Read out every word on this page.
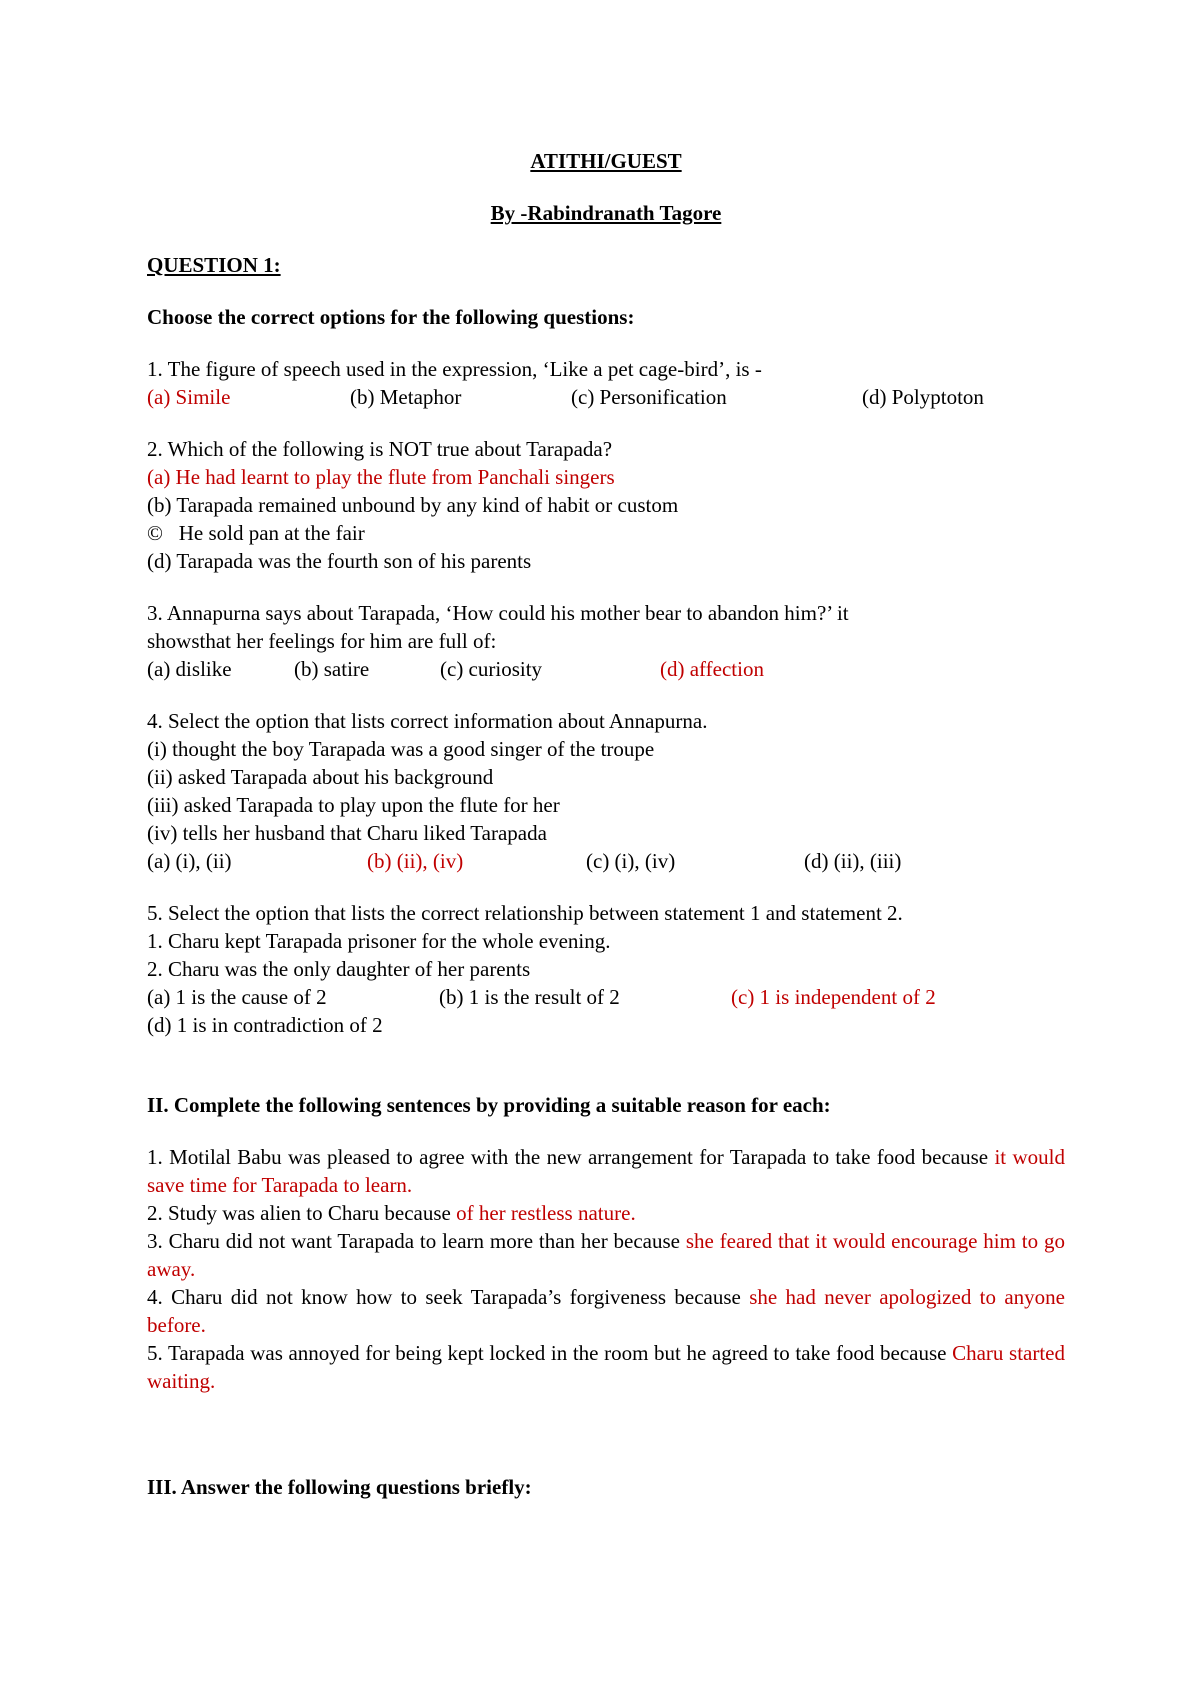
ATITHI/GUEST
By -Rabindranath Tagore
QUESTION 1:
Choose the correct options for the following questions:
1. The figure of speech used in the expression, ‘Like a pet cage-bird’, is -
(a) Simile	(b) Metaphor	(c) Personification	(d) Polyptoton
2. Which of the following is NOT true about Tarapada?
(a) He had learnt to play the flute from Panchali singers
(b) Tarapada remained unbound by any kind of habit or custom
©   He sold pan at the fair
(d) Tarapada was the fourth son of his parents
3. Annapurna says about Tarapada, ‘How could his mother bear to abandon him?’ it
showsthat her feelings for him are full of:
(a) dislike	(b) satire	(c) curiosity	(d) affection
4. Select the option that lists correct information about Annapurna.
(i) thought the boy Tarapada was a good singer of the troupe
(ii) asked Tarapada about his background
(iii) asked Tarapada to play upon the flute for her
(iv) tells her husband that Charu liked Tarapada
(a) (i), (ii)	(b) (ii), (iv)	(c) (i), (iv)	(d) (ii), (iii)
5. Select the option that lists the correct relationship between statement 1 and statement 2.
1. Charu kept Tarapada prisoner for the whole evening.
2. Charu was the only daughter of her parents
(a) 1 is the cause of 2	(b) 1 is the result of 2	(c) 1 is independent of 2
(d) 1 is in contradiction of 2
II. Complete the following sentences by providing a suitable reason for each:

1. Motilal Babu was pleased to agree with the new arrangement for Tarapada to take food because it would save time for Tarapada to learn.

2. Study was alien to Charu because of her restless nature.

3. Charu did not want Tarapada to learn more than her because she feared that it would encourage him to go away.

4. Charu did not know how to seek Tarapada’s forgiveness because she had never apologized to anyone before.

5. Tarapada was annoyed for being kept locked in the room but he agreed to take food because Charu started waiting.

III. Answer the following questions briefly:
